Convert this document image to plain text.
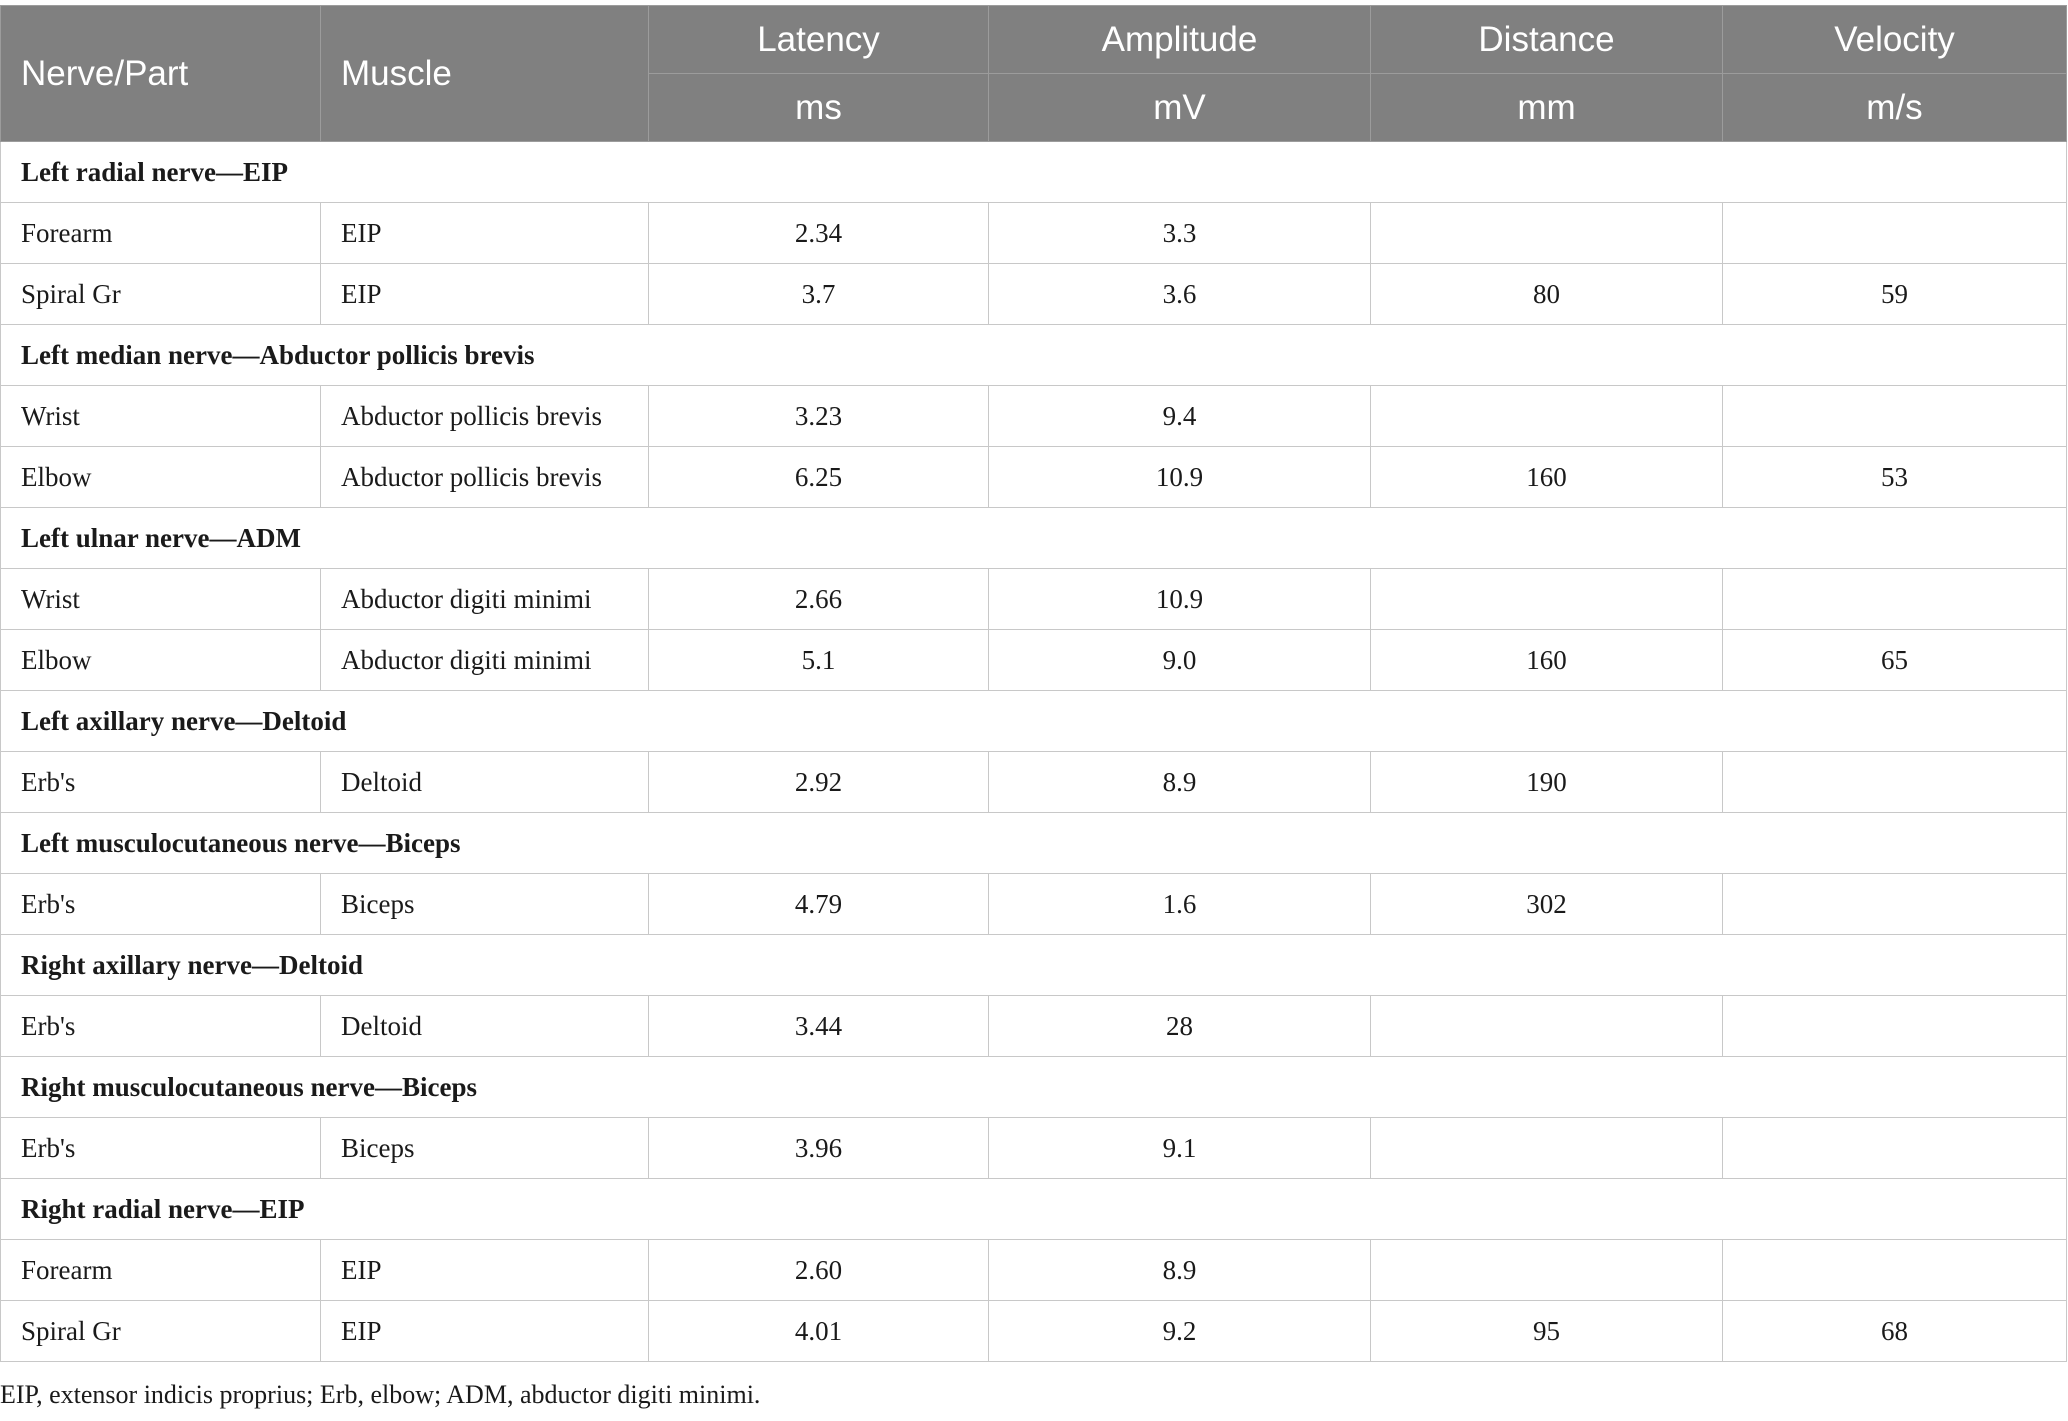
Nerve/Part	Muscle	Latency	Amplitude	Distance	Velocity
		ms	mV	mm	m/s
Left radial nerve—EIP					
Forearm	EIP	2.34	3.3		
Spiral Gr	EIP	3.7	3.6	80	59
Left median nerve—Abductor pollicis brevis					
Wrist	Abductor pollicis brevis	3.23	9.4		
Elbow	Abductor pollicis brevis	6.25	10.9	160	53
Left ulnar nerve—ADM					
Wrist	Abductor digiti minimi	2.66	10.9		
Elbow	Abductor digiti minimi	5.1	9.0	160	65
Left axillary nerve—Deltoid					
Erb's	Deltoid	2.92	8.9	190	
Left musculocutaneous nerve—Biceps					
Erb's	Biceps	4.79	1.6	302	
Right axillary nerve—Deltoid					
Erb's	Deltoid	3.44	28		
Right musculocutaneous nerve—Biceps					
Erb's	Biceps	3.96	9.1		
Right radial nerve—EIP					
Forearm	EIP	2.60	8.9		
Spiral Gr	EIP	4.01	9.2	95	68
EIP, extensor indicis proprius; Erb, elbow; ADM, abductor digiti minimi.
